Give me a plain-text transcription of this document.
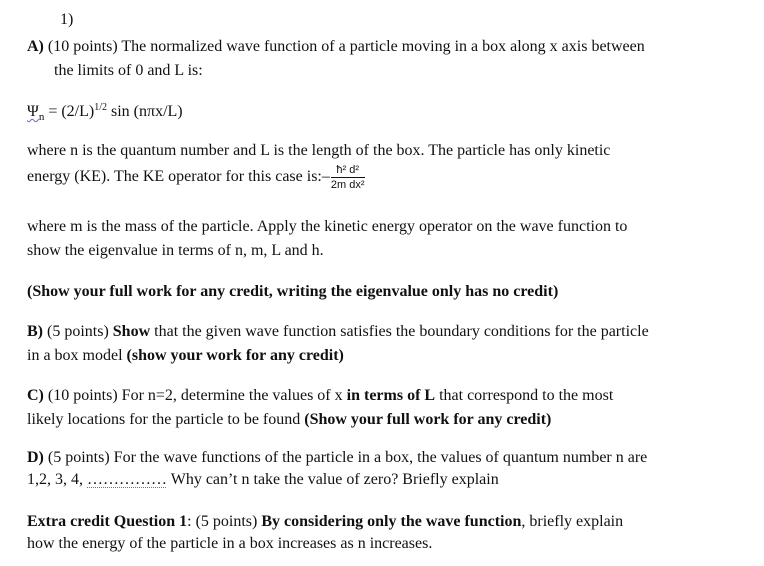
1)
A) (10 points) The normalized wave function of a particle moving in a box along x axis between
the limits of 0 and L is:
$\Psi_n = (2/L)^{1/2}$ sin (nπx/L)
where n is the quantum number and L is the length of the box. The particle has only kinetic
energy (KE). The KE operator for this case is:– $\frac{\text{ħ² d²}}{\text{2m dx²}}$
where m is the mass of the particle. Apply the kinetic energy operator on the wave function to
show the eigenvalue in terms of n, m, L and h.
(Show your full work for any credit, writing the eigenvalue only has no credit)
B) (5 points) Show that the given wave function satisfies the boundary conditions for the particle
in a box model (show your work for any credit)
C) (10 points) For n=2, determine the values of x in terms of L that correspond to the most
likely locations for the particle to be found (Show your full work for any credit)
D) (5 points) For the wave functions of the particle in a box, the values of quantum number n are
1,2, 3, 4, …………… Why can’t n take the value of zero? Briefly explain
Extra credit Question 1: (5 points) By considering only the wave function, briefly explain
how the energy of the particle in a box increases as n increases.
